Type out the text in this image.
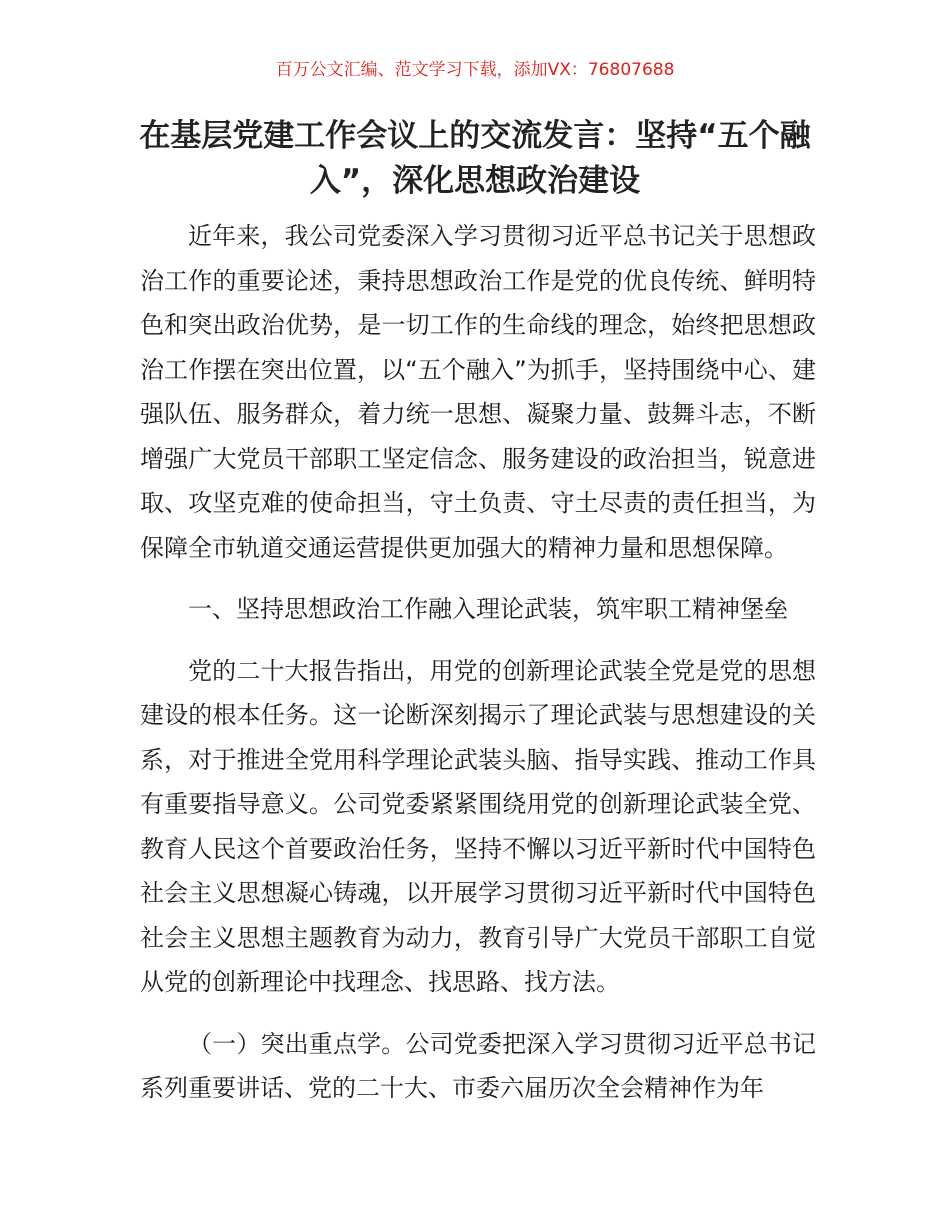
百万公文汇编、范文学习下载，添加VX：76807688
在基层党建工作会议上的交流发言：坚持“五个融入”，深化思想政治建设

近年来，我公司党委深入学习贯彻习近平总书记关于思想政治工作的重要论述，秉持思想政治工作是党的优良传统、鲜明特色和突出政治优势，是一切工作的生命线的理念，始终把思想政治工作摆在突出位置，以“五个融入”为抓手，坚持围绕中心、建强队伍、服务群众，着力统一思想、凝聚力量、鼓舞斗志，不断增强广大党员干部职工坚定信念、服务建设的政治担当，锐意进取、攻坚克难的使命担当，守土负责、守土尽责的责任担当，为保障全市轨道交通运营提供更加强大的精神力量和思想保障。

一、坚持思想政治工作融入理论武装，筑牢职工精神堡垒

党的二十大报告指出，用党的创新理论武装全党是党的思想建设的根本任务。这一论断深刻揭示了理论武装与思想建设的关系，对于推进全党用科学理论武装头脑、指导实践、推动工作具有重要指导意义。公司党委紧紧围绕用党的创新理论武装全党、教育人民这个首要政治任务，坚持不懈以习近平新时代中国特色社会主义思想凝心铸魂，以开展学习贯彻习近平新时代中国特色社会主义思想主题教育为动力，教育引导广大党员干部职工自觉从党的创新理论中找理念、找思路、找方法。

（一）突出重点学。公司党委把深入学习贯彻习近平总书记系列重要讲话、党的二十大、市委六届历次全会精神作为年
